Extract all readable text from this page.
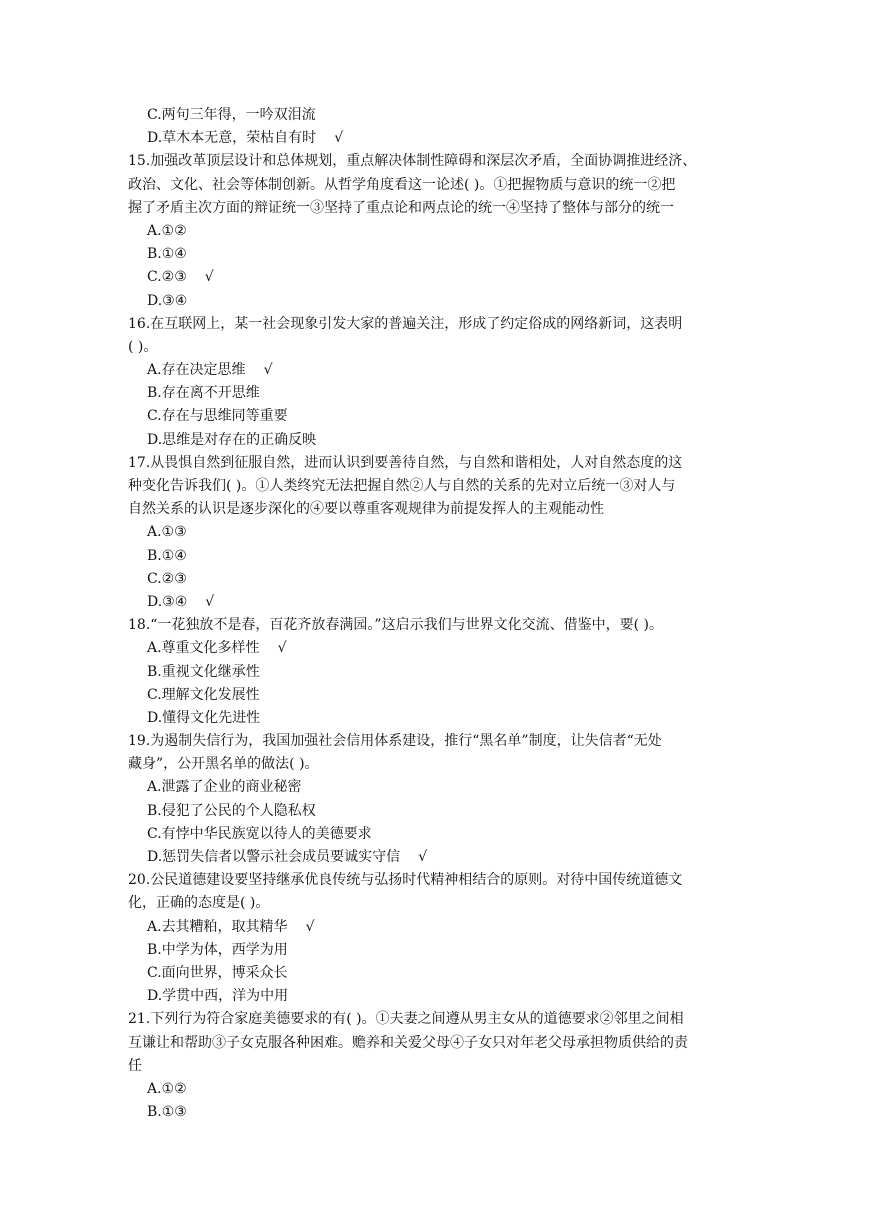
C.两句三年得，一吟双泪流
D.草木本无意，荣枯自有时 √
15.加强改革顶层设计和总体规划，重点解决体制性障碍和深层次矛盾，全面协调推进经济、
政治、文化、社会等体制创新。从哲学角度看这一论述( )。①把握物质与意识的统一②把
握了矛盾主次方面的辩证统一③坚持了重点论和两点论的统一④坚持了整体与部分的统一
A.①②
B.①④
C.②③ √
D.③④
16.在互联网上，某一社会现象引发大家的普遍关注，形成了约定俗成的网络新词，这表明
( )。
A.存在决定思维 √
B.存在离不开思维
C.存在与思维同等重要
D.思维是对存在的正确反映
17.从畏惧自然到征服自然，进而认识到要善待自然，与自然和谐相处，人对自然态度的这
种变化告诉我们( )。①人类终究无法把握自然②人与自然的关系的先对立后统一③对人与
自然关系的认识是逐步深化的④要以尊重客观规律为前提发挥人的主观能动性
A.①③
B.①④
C.②③
D.③④ √
18.“一花独放不是春，百花齐放春满园。”这启示我们与世界文化交流、借鉴中，要( )。
A.尊重文化多样性 √
B.重视文化继承性
C.理解文化发展性
D.懂得文化先进性
19.为遏制失信行为，我国加强社会信用体系建设，推行“黑名单”制度，让失信者“无处
藏身”，公开黑名单的做法( )。
A.泄露了企业的商业秘密
B.侵犯了公民的个人隐私权
C.有悖中华民族宽以待人的美德要求
D.惩罚失信者以警示社会成员要诚实守信 √
20.公民道德建设要坚持继承优良传统与弘扬时代精神相结合的原则。对待中国传统道德文
化，正确的态度是( )。
A.去其糟粕，取其精华 √
B.中学为体，西学为用
C.面向世界，博采众长
D.学贯中西，洋为中用
21.下列行为符合家庭美德要求的有( )。①夫妻之间遵从男主女从的道德要求②邻里之间相
互谦让和帮助③子女克服各种困难。赡养和关爱父母④子女只对年老父母承担物质供给的责
任
A.①②
B.①③
